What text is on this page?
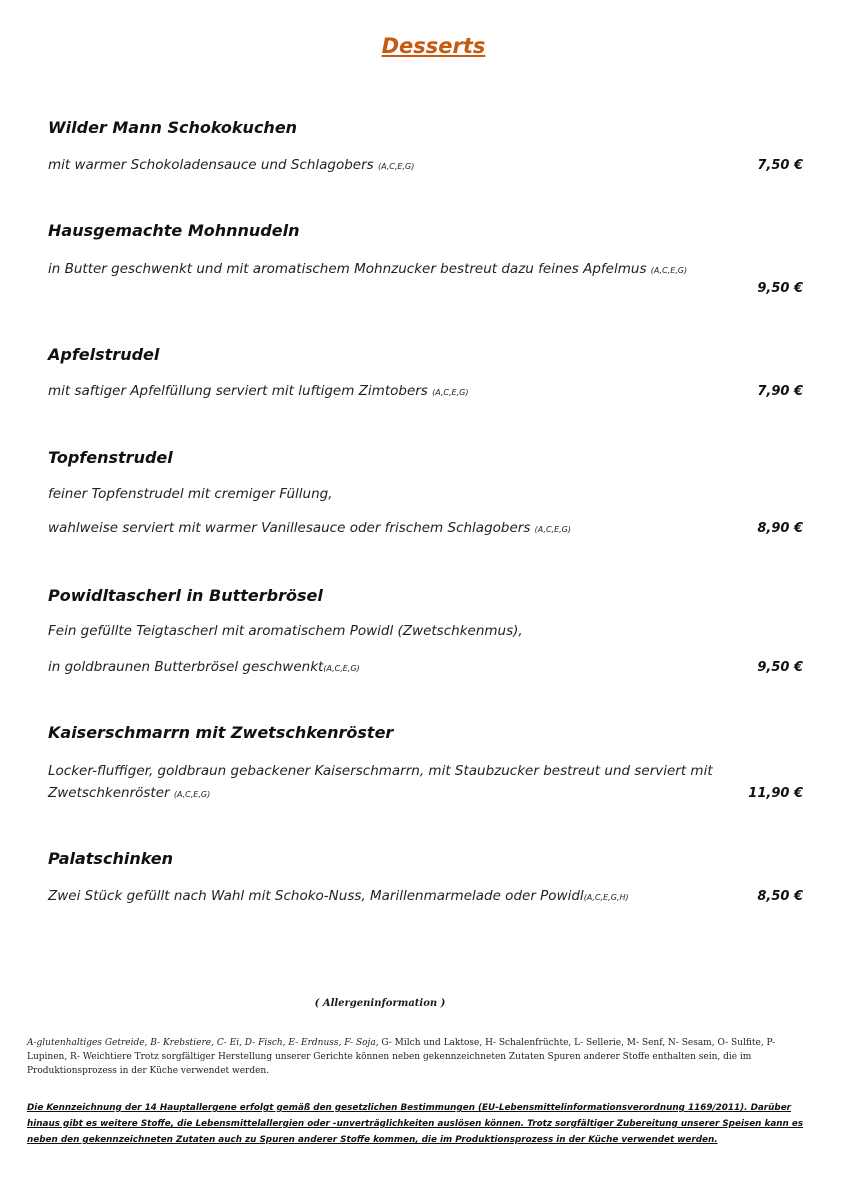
Desserts
Wilder Mann Schokokuchen
mit warmer Schokoladensauce und Schlagobers (A,C,E,G)	7,50 €
Hausgemachte Mohnnudeln
in Butter geschwenkt und mit aromatischem Mohnzucker bestreut dazu feines Apfelmus (A,C,E,G)
9,50 €
Apfelstrudel
mit saftiger Apfelfüllung serviert mit luftigem Zimtobers (A,C,E,G)	7,90 €
Topfenstrudel
feiner Topfenstrudel mit cremiger Füllung,
wahlweise serviert mit warmer Vanillesauce oder frischem Schlagobers (A,C,E,G)	8,90 €
Powidltascherl in Butterbrösel
Fein gefüllte Teigtascherl mit aromatischem Powidl (Zwetschkenmus),
in goldbraunen Butterbrösel geschwenkt(A,C,E,G)	9,50 €
Kaiserschmarrn mit Zwetschkenröster
Locker-fluffiger, goldbraun gebackener Kaiserschmarrn, mit Staubzucker bestreut und serviert mit Zwetschkenröster (A,C,E,G)	11,90 €
Palatschinken
Zwei Stück gefüllt nach Wahl mit Schoko-Nuss, Marillenmarmelade oder Powidl(A,C,E,G,H)	8,50 €
( Allergeninformation )
A-glutenhaltiges Getreide, B- Krebstiere, C- Ei, D- Fisch, E- Erdnuss, F- Soja, G- Milch und Laktose, H- Schalenfrüchte, L- Sellerie, M- Senf, N- Sesam, O- Sulfite, P- Lupinen, R- Weichtiere Trotz sorgfältiger Herstellung unserer Gerichte können neben gekennzeichneten Zutaten Spuren anderer Stoffe enthalten sein, die im Produktionsprozess in der Küche verwendet werden.
Die Kennzeichnung der 14 Hauptallergene erfolgt gemäß den gesetzlichen Bestimmungen (EU-Lebensmittelinformationsverordnung 1169/2011). Darüber hinaus gibt es weitere Stoffe, die Lebensmittelallergien oder -unverträglichkeiten auslösen können. Trotz sorgfältiger Zubereitung unserer Speisen kann es neben den gekennzeichneten Zutaten auch zu Spuren anderer Stoffe kommen, die im Produktionsprozess in der Küche verwendet werden.
